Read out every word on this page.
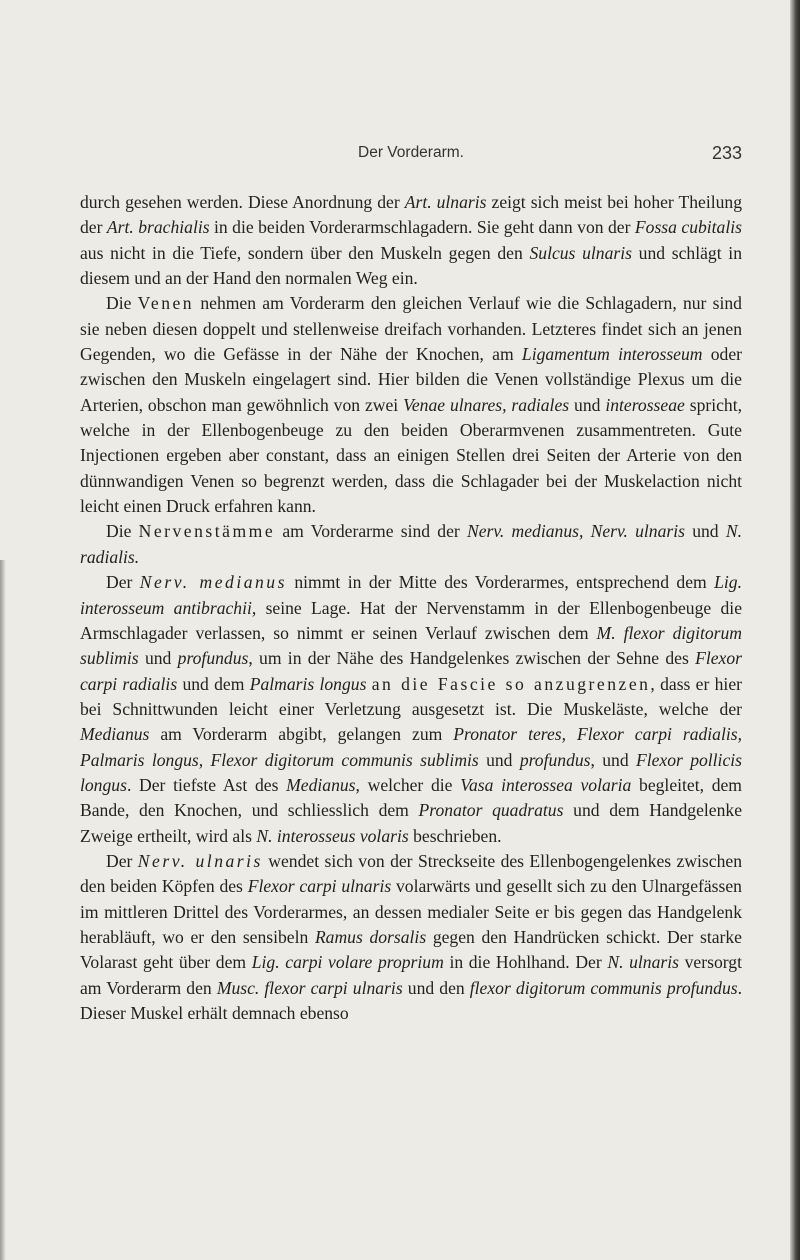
Der Vorderarm.	233

durch gesehen werden. Diese Anordnung der Art. ulnaris zeigt sich meist bei hoher Theilung der Art. brachialis in die beiden Vorderarmschlagadern. Sie geht dann von der Fossa cubitalis aus nicht in die Tiefe, sondern über den Muskeln gegen den Sulcus ulnaris und schlägt in diesem und an der Hand den normalen Weg ein.

Die Venen nehmen am Vorderarm den gleichen Verlauf wie die Schlagadern, nur sind sie neben diesen doppelt und stellenweise dreifach vorhanden. Letzteres findet sich an jenen Gegenden, wo die Gefässe in der Nähe der Knochen, am Ligamentum interosseum oder zwischen den Muskeln eingelagert sind. Hier bilden die Venen vollständige Plexus um die Arterien, obschon man gewöhnlich von zwei Venae ulnares, radiales und interosseae spricht, welche in der Ellenbogenbeuge zu den beiden Oberarmvenen zusammentreten. Gute Injectionen ergeben aber constant, dass an einigen Stellen drei Seiten der Arterie von den dünnwandigen Venen so begrenzt werden, dass die Schlagader bei der Muskelaction nicht leicht einen Druck erfahren kann.

Die Nervenstämme am Vorderarme sind der Nerv. medianus, Nerv. ulnaris und N. radialis.

Der Nerv. medianus nimmt in der Mitte des Vorderarmes, entsprechend dem Lig. interosseum antibrachii, seine Lage. Hat der Nervenstamm in der Ellenbogenbeuge die Armschlagader verlassen, so nimmt er seinen Verlauf zwischen dem M. flexor digitorum sublimis und profundus, um in der Nähe des Handgelenkes zwischen der Sehne des Flexor carpi radialis und dem Palmaris longus an die Fascie so anzugrenzen, dass er hier bei Schnittwunden leicht einer Verletzung ausgesetzt ist. Die Muskeläste, welche der Medianus am Vorderarm abgibt, gelangen zum Pronator teres, Flexor carpi radialis, Palmaris longus, Flexor digitorum communis sublimis und profundus, und Flexor pollicis longus. Der tiefste Ast des Medianus, welcher die Vasa interossea volaria begleitet, dem Bande, den Knochen, und schliesslich dem Pronator quadratus und dem Handgelenke Zweige ertheilt, wird als N. interosseus volaris beschrieben.

Der Nerv. ulnaris wendet sich von der Streckseite des Ellenbogengelenkes zwischen den beiden Köpfen des Flexor carpi ulnaris volarwärts und gesellt sich zu den Ulnargefässen im mittleren Drittel des Vorderarmes, an dessen medialer Seite er bis gegen das Handgelenk herabläuft, wo er den sensibeln Ramus dorsalis gegen den Handrücken schickt. Der starke Volarast geht über dem Lig. carpi volare proprium in die Hohlhand. Der N. ulnaris versorgt am Vorderarm den Musc. flexor carpi ulnaris und den flexor digitorum communis profundus. Dieser Muskel erhält demnach ebenso
